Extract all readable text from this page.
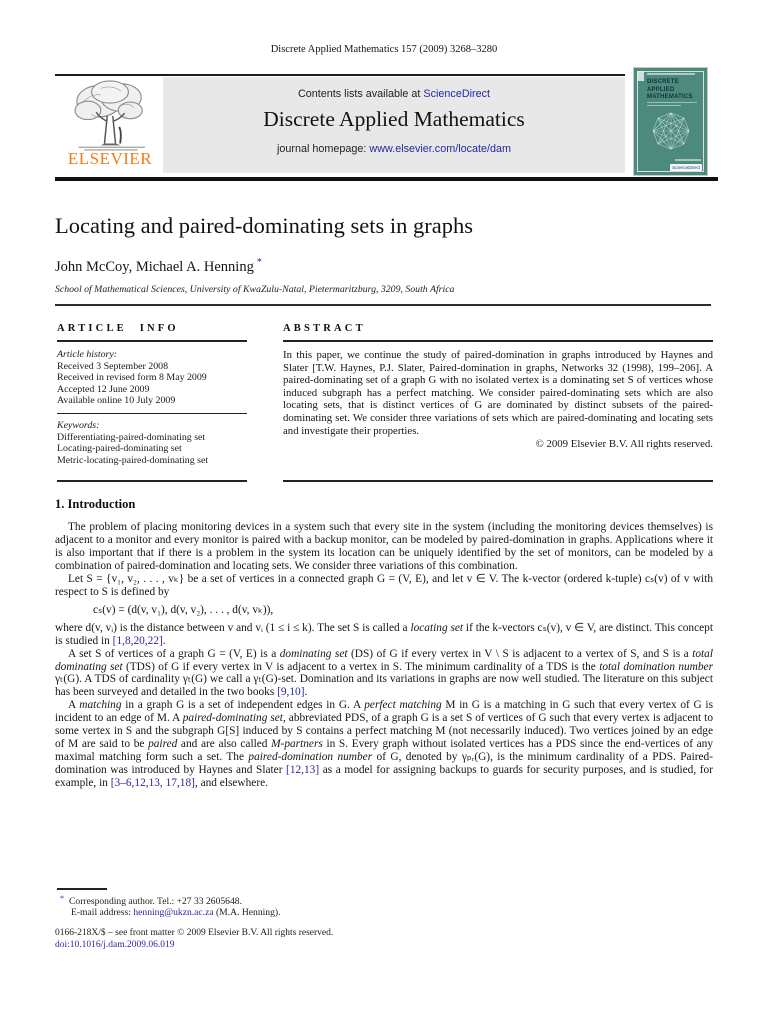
Discrete Applied Mathematics 157 (2009) 3268–3280
ELSEVIER
Contents lists available at ScienceDirect
Discrete Applied Mathematics
journal homepage: www.elsevier.com/locate/dam
DISCRETE APPLIED MATHEMATICS
ScienceDirect
Locating and paired-dominating sets in graphs
John McCoy, Michael A. Henning *
School of Mathematical Sciences, University of KwaZulu-Natal, Pietermaritzburg, 3209, South Africa
ARTICLE INFO
Article history:
Received 3 September 2008
Received in revised form 8 May 2009
Accepted 12 June 2009
Available online 10 July 2009
Keywords:
Differentiating-paired-dominating set
Locating-paired-dominating set
Metric-locating-paired-dominating set
ABSTRACT
In this paper, we continue the study of paired-domination in graphs introduced by Haynes and Slater [T.W. Haynes, P.J. Slater, Paired-domination in graphs, Networks 32 (1998), 199–206]. A paired-dominating set of a graph G with no isolated vertex is a dominating set S of vertices whose induced subgraph has a perfect matching. We consider paired-dominating sets which are also locating sets, that is distinct vertices of G are dominated by distinct subsets of the paired-dominating set. We consider three variations of sets which are paired-dominating and locating sets and investigate their properties.
© 2009 Elsevier B.V. All rights reserved.
1. Introduction

The problem of placing monitoring devices in a system such that every site in the system (including the monitoring devices themselves) is adjacent to a monitor and every monitor is paired with a backup monitor, can be modeled by paired-domination in graphs. Applications where it is also important that if there is a problem in the system its location can be uniquely identified by the set of monitors, can be modeled by a combination of paired-domination and locating sets. We consider three variations of this combination.

Let S = {v₁, v₂, . . . , vₖ} be a set of vertices in a connected graph G = (V, E), and let v ∈ V. The k-vector (ordered k-tuple) cₛ(v) of v with respect to S is defined by

cₛ(v) = (d(v, v₁), d(v, v₂), . . . , d(v, vₖ)),

where d(v, vᵢ) is the distance between v and vᵢ (1 ≤ i ≤ k). The set S is called a locating set if the k-vectors cₛ(v), v ∈ V, are distinct. This concept is studied in [1,8,20,22].

A set S of vertices of a graph G = (V, E) is a dominating set (DS) of G if every vertex in V \ S is adjacent to a vertex of S, and S is a total dominating set (TDS) of G if every vertex in V is adjacent to a vertex in S. The minimum cardinality of a TDS is the total domination number γₜ(G). A TDS of cardinality γₜ(G) we call a γₜ(G)-set. Domination and its variations in graphs are now well studied. The literature on this subject has been surveyed and detailed in the two books [9,10].

A matching in a graph G is a set of independent edges in G. A perfect matching M in G is a matching in G such that every vertex of G is incident to an edge of M. A paired-dominating set, abbreviated PDS, of a graph G is a set S of vertices of G such that every vertex is adjacent to some vertex in S and the subgraph G[S] induced by S contains a perfect matching M (not necessarily induced). Two vertices joined by an edge of M are said to be paired and are also called M-partners in S. Every graph without isolated vertices has a PDS since the end-vertices of any maximal matching form such a set. The paired-domination number of G, denoted by γₚᵣ(G), is the minimum cardinality of a PDS. Paired-domination was introduced by Haynes and Slater [12,13] as a model for assigning backups to guards for security purposes, and is studied, for example, in [3–6,12,13, 17,18], and elsewhere.

* Corresponding author. Tel.: +27 33 2605648.
E-mail address: henning@ukzn.ac.za (M.A. Henning).
0166-218X/$ – see front matter © 2009 Elsevier B.V. All rights reserved.
doi:10.1016/j.dam.2009.06.019
